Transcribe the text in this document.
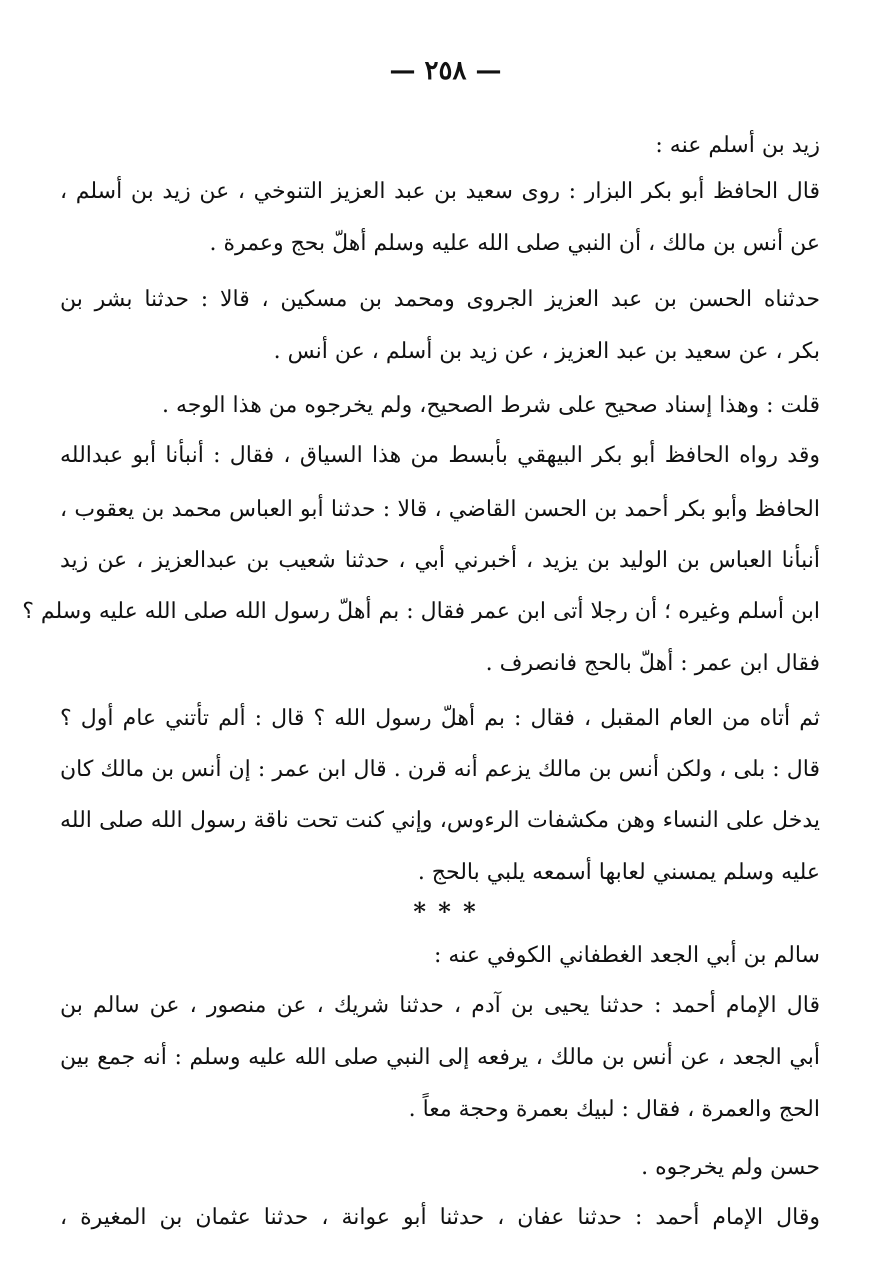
— ٢٥٨ —
زيد بن أسلم عنه :
قال الحافظ أبو بكر البزار : روى سعيد بن عبد العزيز التنوخي ، عن زيد بن أسلم ،
عن أنس بن مالك ، أن النبي صلى الله عليه وسلم أهلّ بحج وعمرة .
حدثناه الحسن بن عبد العزيز الجروى ومحمد بن مسكين ، قالا : حدثنا بشر بن
بكر ، عن سعيد بن عبد العزيز ، عن زيد بن أسلم ، عن أنس .
قلت : وهذا إسناد صحيح على شرط الصحيح، ولم يخرجوه من هذا الوجه .
وقد رواه الحافظ أبو بكر البيهقي بأبسط من هذا السياق ، فقال : أنبأنا أبو عبدالله
الحافظ وأبو بكر أحمد بن الحسن القاضي ، قالا : حدثنا أبو العباس محمد بن يعقوب ،
أنبأنا العباس بن الوليد بن يزيد ، أخبرني أبي ، حدثنا شعيب بن عبدالعزيز ، عن زيد
ابن أسلم وغيره ؛ أن رجلا أتى ابن عمر فقال : بم أهلّ رسول الله صلى الله عليه وسلم ؟
فقال ابن عمر : أهلّ بالحج فانصرف .
ثم أتاه من العام المقبل ، فقال : بم أهلّ رسول الله ؟ قال : ألم تأتني عام أول ؟
قال : بلى ، ولكن أنس بن مالك يزعم أنه قرن . قال ابن عمر : إن أنس بن مالك كان
يدخل على النساء وهن مكشفات الرءوس، وإني كنت تحت ناقة رسول الله صلى الله
عليه وسلم يمسني لعابها أسمعه يلبي بالحج .
* * *
سالم بن أبي الجعد الغطفاني الكوفي عنه :
قال الإمام أحمد : حدثنا يحيى بن آدم ، حدثنا شريك ، عن منصور ، عن سالم بن
أبي الجعد ، عن أنس بن مالك ، يرفعه إلى النبي صلى الله عليه وسلم : أنه جمع بين
الحج والعمرة ، فقال : لبيك بعمرة وحجة معاً .
حسن ولم يخرجوه .
وقال الإمام أحمد : حدثنا عفان ، حدثنا أبو عوانة ، حدثنا عثمان بن المغيرة ،
